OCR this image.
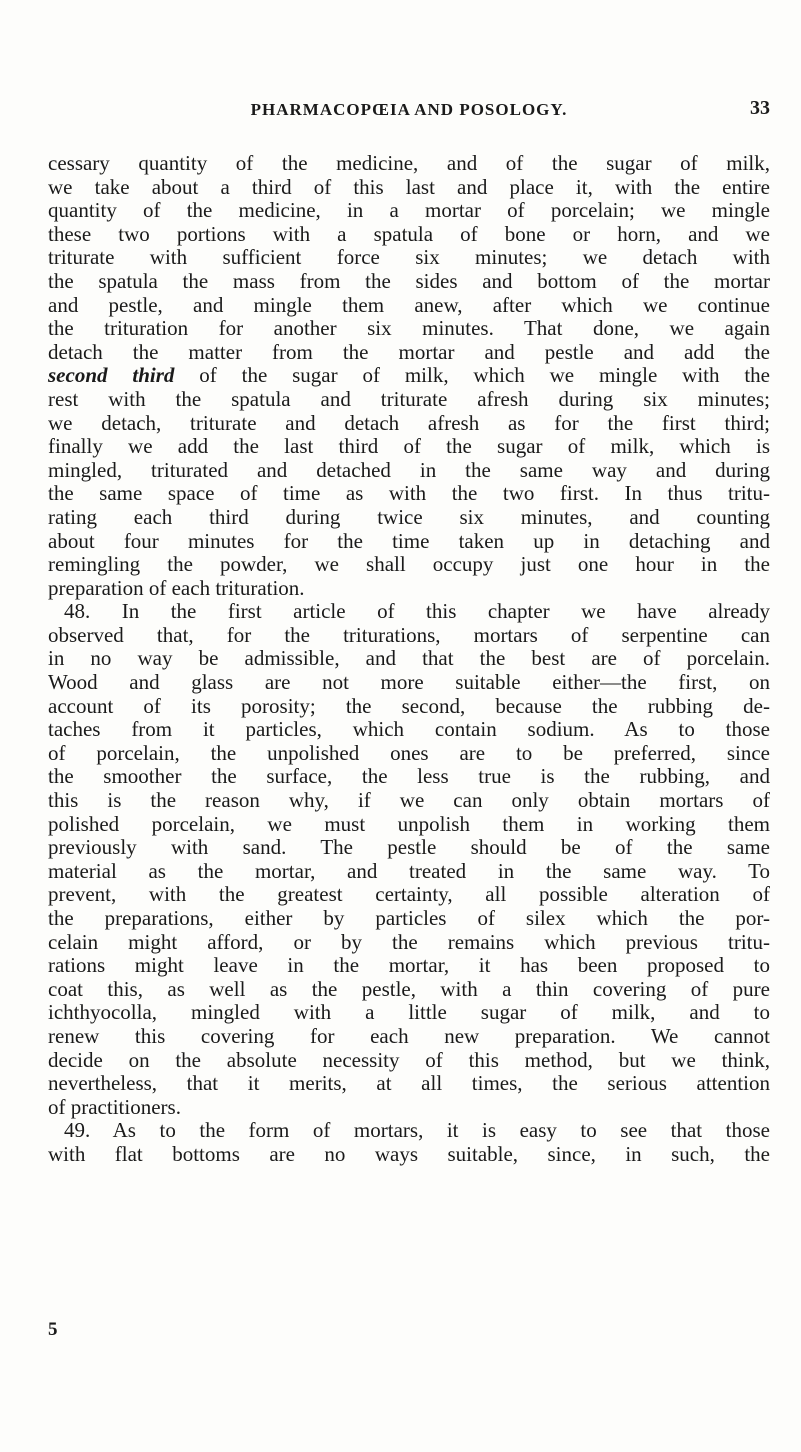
PHARMACOPŒIA AND POSOLOGY.	33
cessary quantity of the medicine, and of the sugar of milk,
we take about a third of this last and place it, with the entire
quantity of the medicine, in a mortar of porcelain; we mingle
these two portions with a spatula of bone or horn, and we
triturate with sufficient force six minutes; we detach with
the spatula the mass from the sides and bottom of the mortar
and pestle, and mingle them anew, after which we continue
the trituration for another six minutes. That done, we again
detach the matter from the mortar and pestle and add the
second third of the sugar of milk, which we mingle with the
rest with the spatula and triturate afresh during six minutes;
we detach, triturate and detach afresh as for the first third;
finally we add the last third of the sugar of milk, which is
mingled, triturated and detached in the same way and during
the same space of time as with the two first. In thus tritu-
rating each third during twice six minutes, and counting
about four minutes for the time taken up in detaching and
remingling the powder, we shall occupy just one hour in the
preparation of each trituration.
48. In the first article of this chapter we have already
observed that, for the triturations, mortars of serpentine can
in no way be admissible, and that the best are of porcelain.
Wood and glass are not more suitable either—the first, on
account of its porosity; the second, because the rubbing de-
taches from it particles, which contain sodium. As to those
of porcelain, the unpolished ones are to be preferred, since
the smoother the surface, the less true is the rubbing, and
this is the reason why, if we can only obtain mortars of
polished porcelain, we must unpolish them in working them
previously with sand. The pestle should be of the same
material as the mortar, and treated in the same way. To
prevent, with the greatest certainty, all possible alteration of
the preparations, either by particles of silex which the por-
celain might afford, or by the remains which previous tritu-
rations might leave in the mortar, it has been proposed to
coat this, as well as the pestle, with a thin covering of pure
ichthyocolla, mingled with a little sugar of milk, and to
renew this covering for each new preparation. We cannot
decide on the absolute necessity of this method, but we think,
nevertheless, that it merits, at all times, the serious attention
of practitioners.
49. As to the form of mortars, it is easy to see that those
with flat bottoms are no ways suitable, since, in such, the
5
